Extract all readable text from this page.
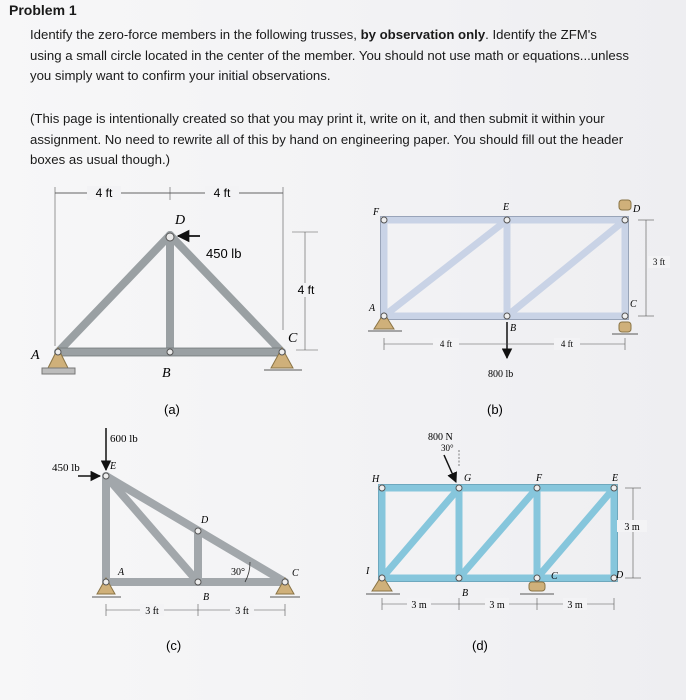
Problem 1
Identify the zero-force members in the following trusses, by observation only. Identify the ZFM's using a small circle located in the center of the member. You should not use math or equations...unless you simply want to confirm your initial observations.
(This page is intentionally created so that you may print it, write on it, and then submit it within your assignment. No need to rewrite all of this by hand on engineering paper. You should fill out the header boxes as usual though.)
4 ft	4 ft
4 ft
450 lb
A
B
C
D
(a)
800 lb
4 ft	4 ft
3 ft
A
B
C
D
E
F
(b)
600 lb
450 lb
30°
3 ft	3 ft
A
B
C
D
E
(c)
800 N
30°
3 m	3 m	3 m
3 m
B
C	D
E
F
G
H
I
(d)
